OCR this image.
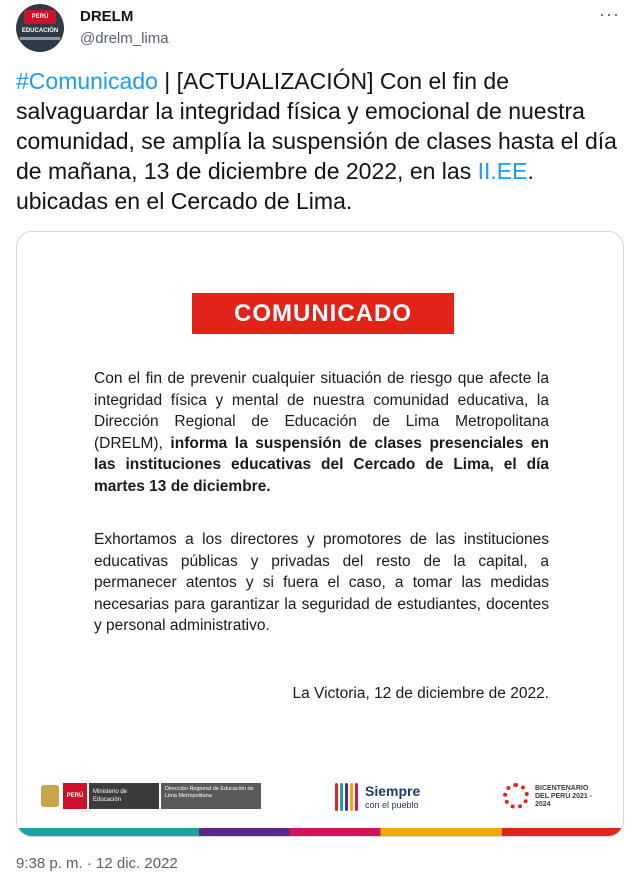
PERÚ
EDUCACIÓN
DRELM
@drelm_lima
···
#Comunicado | [ACTUALIZACIÓN] Con el fin de salvaguardar la integridad física y emocional de nuestra comunidad, se amplía la suspensión de clases hasta el día de mañana, 13 de diciembre de 2022, en las II.EE. ubicadas en el Cercado de Lima.
COMUNICADO
Con el fin de prevenir cualquier situación de riesgo que afecte la integridad física y mental de nuestra comunidad educativa, la Dirección Regional de Educación de Lima Metropolitana (DRELM), informa la suspensión de clases presenciales en las instituciones educativas del Cercado de Lima, el día martes 13 de diciembre.
Exhortamos a los directores y promotores de las instituciones educativas públicas y privadas del resto de la capital, a permanecer atentos y si fuera el caso, a tomar las medidas necesarias para garantizar la seguridad de estudiantes, docentes y personal administrativo.
La Victoria, 12 de diciembre de 2022.
PERÚ
Ministerio de Educación
Dirección Regional de Educación de Lima Metropolitana	Siempre
con el pueblo
BICENTENARIO DEL PERÚ 2021 - 2024
9:38 p. m. · 12 dic. 2022
